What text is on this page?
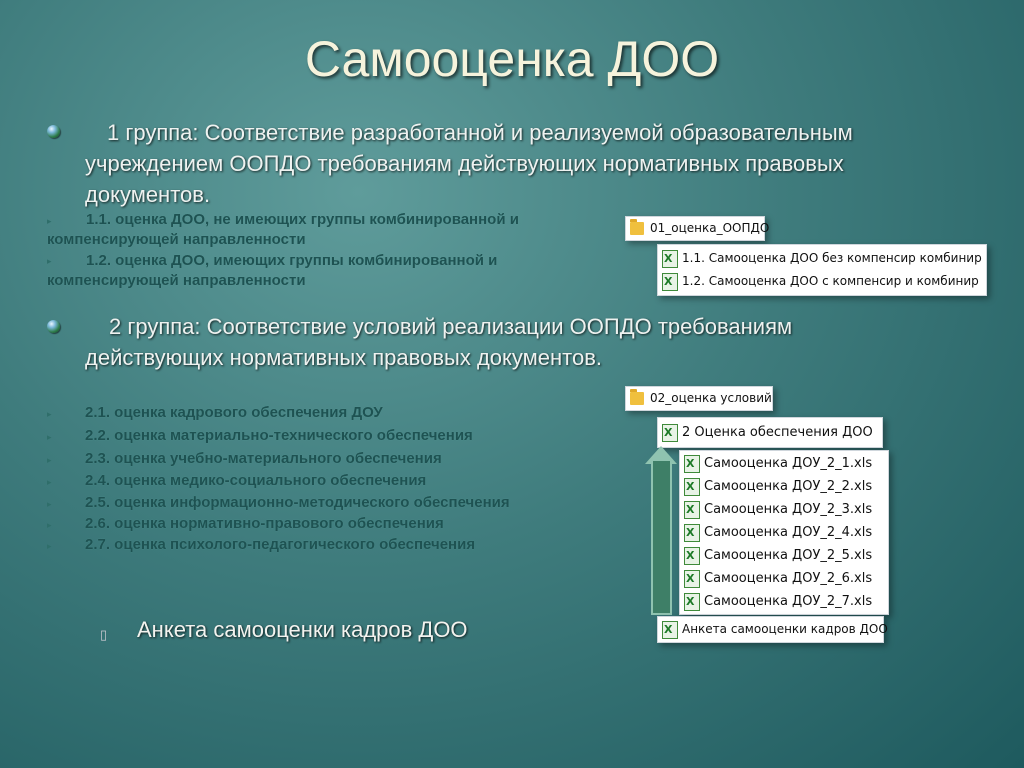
Самооценка ДОО
1 группа: Соответствие разработанной и реализуемой образовательным учреждением ООПДО требованиям действующих нормативных правовых документов.
▸	1.1. оценка ДОО, не имеющих группы комбинированной и компенсирующей направленности
▸	1.2. оценка ДОО, имеющих группы комбинированной и компенсирующей направленности
2 группа: Соответствие условий реализации ООПДО требованиям действующих нормативных правовых документов.
▸ 2.1. оценка кадрового обеспечения ДОУ
▸ 2.2. оценка материально-технического обеспечения
▸ 2.3. оценка учебно-материального обеспечения
▸ 2.4. оценка медико-социального обеспечения
▸ 2.5. оценка информационно-методического обеспечения
▸ 2.6. оценка нормативно-правового обеспечения
▸ 2.7. оценка психолого-педагогического обеспечения
▯ Анкета самооценки кадров ДОО
01_оценка_ООПДО
X
1.1. Самооценка ДОО без компенсир комбинир
X
1.2. Самооценка ДОО с компенсир и комбинир
02_оценка условий
X
2 Оценка обеспечения ДОО
X
Самооценка ДОУ_2_1.xls
X
Самооценка ДОУ_2_2.xls
X
Самооценка ДОУ_2_3.xls
X
Самооценка ДОУ_2_4.xls
X
Самооценка ДОУ_2_5.xls
X
Самооценка ДОУ_2_6.xls
X
Самооценка ДОУ_2_7.xls
X
Анкета самооценки кадров ДОО
